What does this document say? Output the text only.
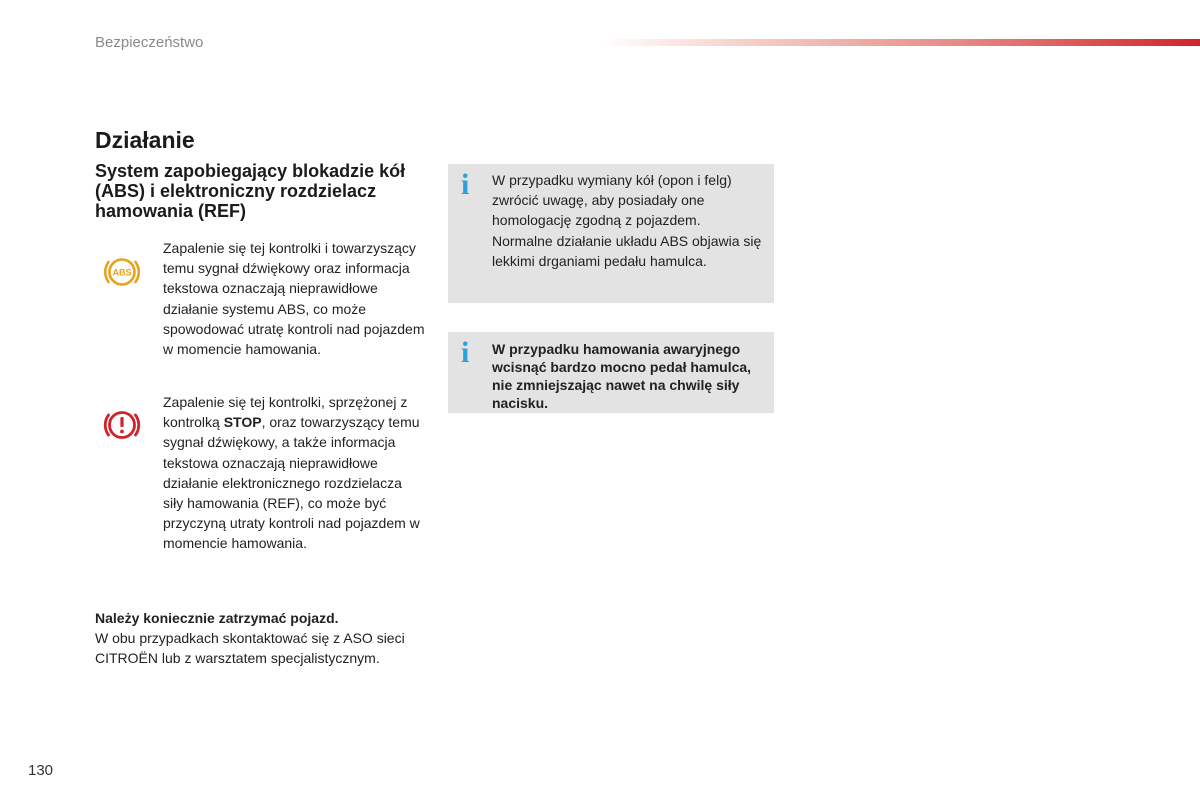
Bezpieczeństwo
Działanie
System zapobiegający blokadzie kół (ABS) i elektroniczny rozdzielacz hamowania (REF)
ABS
Zapalenie się tej kontrolki i towarzyszący temu sygnał dźwiękowy oraz informacja tekstowa oznaczają nieprawidłowe działanie systemu ABS, co może spowodować utratę kontroli nad pojazdem w momencie hamowania.
Zapalenie się tej kontrolki, sprzężonej z kontrolką STOP, oraz towarzyszący temu sygnał dźwiękowy, a także informacja tekstowa oznaczają nieprawidłowe działanie elektronicznego rozdzielacza siły hamowania (REF), co może być przyczyną utraty kontroli nad pojazdem w momencie hamowania.
Należy koniecznie zatrzymać pojazd.
W obu przypadkach skontaktować się z ASO sieci CITROËN lub z warsztatem specjalistycznym.
i W przypadku wymiany kół (opon i felg) zwrócić uwagę, aby posiadały one homologację zgodną z pojazdem. Normalne działanie układu ABS objawia się lekkimi drganiami pedału hamulca.
i W przypadku hamowania awaryjnego wcisnąć bardzo mocno pedał hamulca, nie zmniejszając nawet na chwilę siły nacisku.
130
